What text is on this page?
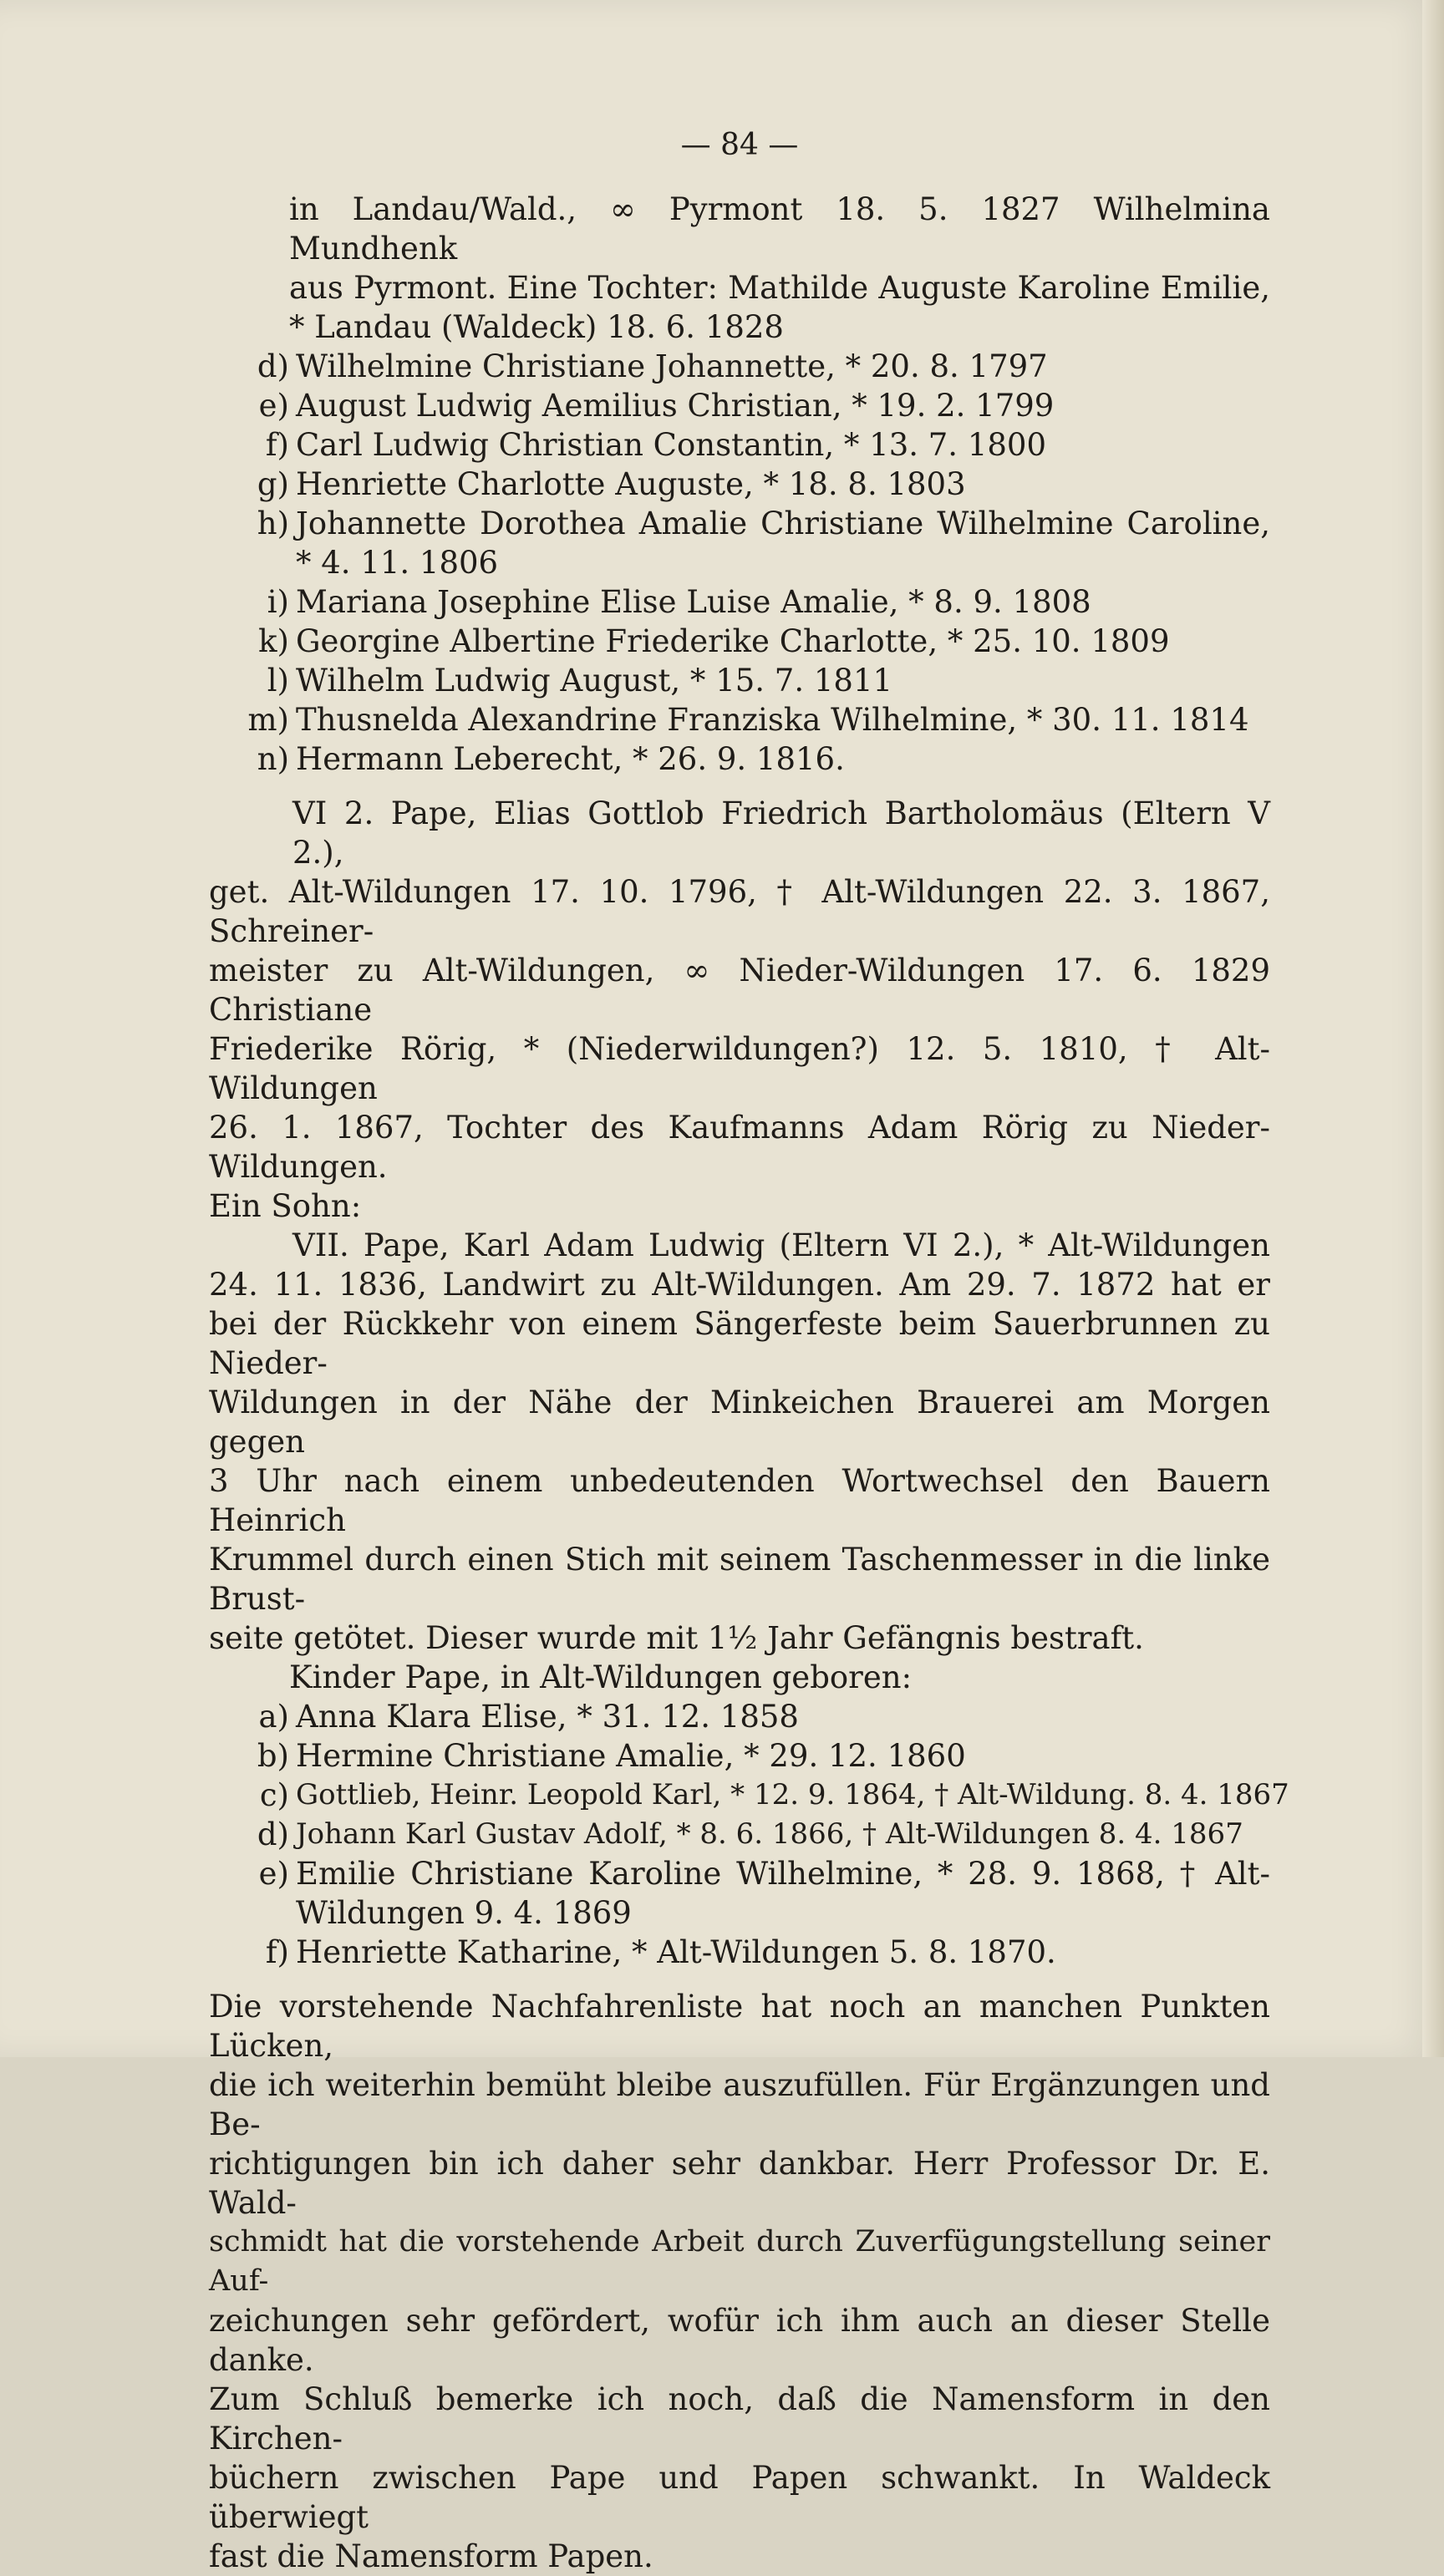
— 84 —
in Landau/Wald., ∞ Pyrmont 18. 5. 1827 Wilhelmina Mundhenk
aus Pyrmont. Eine Tochter: Mathilde Auguste Karoline Emilie,
* Landau (Waldeck) 18. 6. 1828
d) Wilhelmine Christiane Johannette, * 20. 8. 1797
e) August Ludwig Aemilius Christian, * 19. 2. 1799
f) Carl Ludwig Christian Constantin, * 13. 7. 1800
g) Henriette Charlotte Auguste, * 18. 8. 1803
h) Johannette Dorothea Amalie Christiane Wilhelmine Caroline,
* 4. 11. 1806
i) Mariana Josephine Elise Luise Amalie, * 8. 9. 1808
k) Georgine Albertine Friederike Charlotte, * 25. 10. 1809
l) Wilhelm Ludwig August, * 15. 7. 1811
m) Thusnelda Alexandrine Franziska Wilhelmine, * 30. 11. 1814
n) Hermann Leberecht, * 26. 9. 1816.
VI 2. Pape, Elias Gottlob Friedrich Bartholomäus (Eltern V 2.),
get. Alt-Wildungen 17. 10. 1796, † Alt-Wildungen 22. 3. 1867, Schreiner-
meister zu Alt-Wildungen, ∞ Nieder-Wildungen 17. 6. 1829 Christiane
Friederike Rörig, * (Niederwildungen?) 12. 5. 1810, † Alt-Wildungen
26. 1. 1867, Tochter des Kaufmanns Adam Rörig zu Nieder-Wildungen.
Ein Sohn:
VII. Pape, Karl Adam Ludwig (Eltern VI 2.), * Alt-Wildungen
24. 11. 1836, Landwirt zu Alt-Wildungen. Am 29. 7. 1872 hat er
bei der Rückkehr von einem Sängerfeste beim Sauerbrunnen zu Nieder-
Wildungen in der Nähe der Minkeichen Brauerei am Morgen gegen
3 Uhr nach einem unbedeutenden Wortwechsel den Bauern Heinrich
Krummel durch einen Stich mit seinem Taschenmesser in die linke Brust-
seite getötet. Dieser wurde mit 1½ Jahr Gefängnis bestraft.
Kinder Pape, in Alt-Wildungen geboren:
a) Anna Klara Elise, * 31. 12. 1858
b) Hermine Christiane Amalie, * 29. 12. 1860
c) Gottlieb, Heinr. Leopold Karl, * 12. 9. 1864, † Alt-Wildung. 8. 4. 1867
d) Johann Karl Gustav Adolf, * 8. 6. 1866, † Alt-Wildungen 8. 4. 1867
e) Emilie Christiane Karoline Wilhelmine, * 28. 9. 1868, † Alt-
Wildungen 9. 4. 1869
f) Henriette Katharine, * Alt-Wildungen 5. 8. 1870.
Die vorstehende Nachfahrenliste hat noch an manchen Punkten Lücken,
die ich weiterhin bemüht bleibe auszufüllen. Für Ergänzungen und Be-
richtigungen bin ich daher sehr dankbar. Herr Professor Dr. E. Wald-
schmidt hat die vorstehende Arbeit durch Zuverfügungstellung seiner Auf-
zeichungen sehr gefördert, wofür ich ihm auch an dieser Stelle danke.
Zum Schluß bemerke ich noch, daß die Namensform in den Kirchen-
büchern zwischen Pape und Papen schwankt. In Waldeck überwiegt
fast die Namensform Papen.
